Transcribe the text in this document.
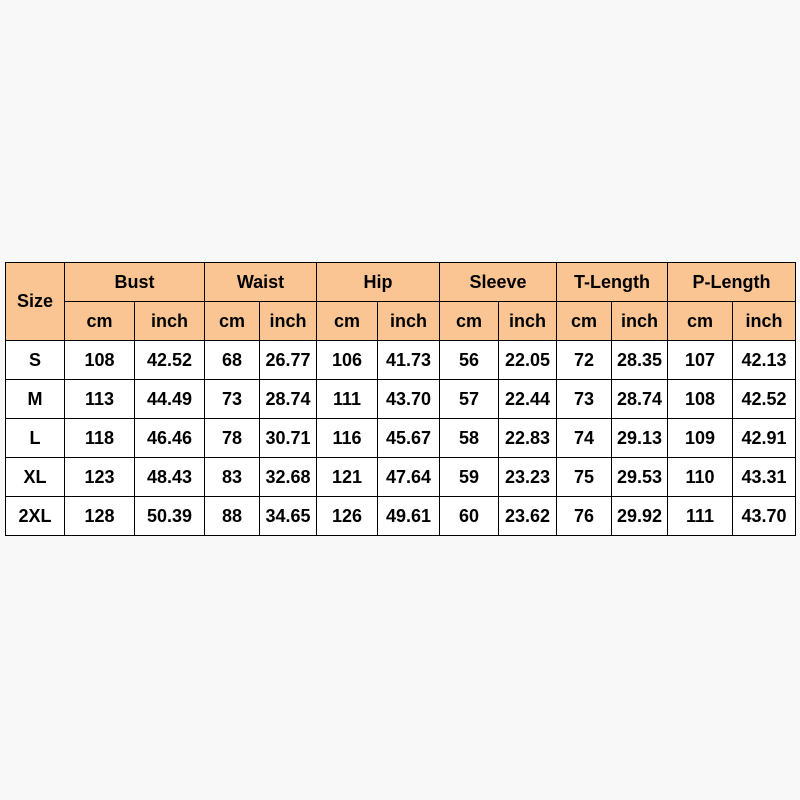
Size	Bust		Waist		Hip		Sleeve		T-Length		P-Length	
	cm	inch	cm	inch	cm	inch	cm	inch	cm	inch	cm	inch
S	108	42.52	68	26.77	106	41.73	56	22.05	72	28.35	107	42.13
M	113	44.49	73	28.74	111	43.70	57	22.44	73	28.74	108	42.52
L	118	46.46	78	30.71	116	45.67	58	22.83	74	29.13	109	42.91
XL	123	48.43	83	32.68	121	47.64	59	23.23	75	29.53	110	43.31
2XL	128	50.39	88	34.65	126	49.61	60	23.62	76	29.92	111	43.70
